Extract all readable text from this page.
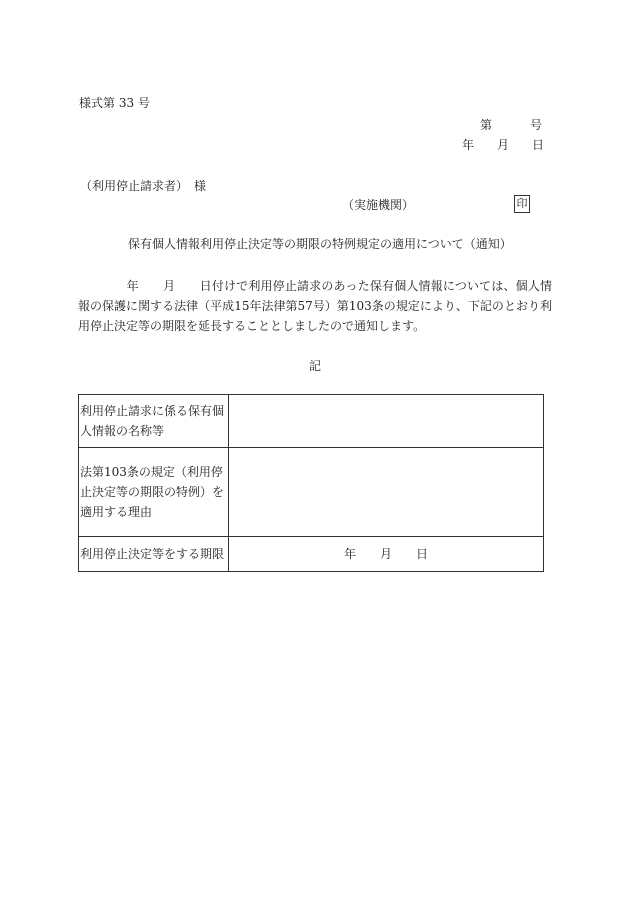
様式第 33 号
第	号
年 月 日
（利用停止請求者）　様
（実施機関）	印
保有個人情報利用停止決定等の期限の特例規定の適用について（通知）
　　　　年　　月　　日付けで利用停止請求のあった保有個人情報については、個人情報の保護に関する法律（平成15年法律第57号）第103条の規定により、下記のとおり利用停止決定等の期限を延長することとしましたので通知します。
記
利用停止請求に係る保有個人情報の名称等	
法第103条の規定（利用停止決定等の期限の特例）を適用する理由	
利用停止決定等をする期限	年　　月　　日
